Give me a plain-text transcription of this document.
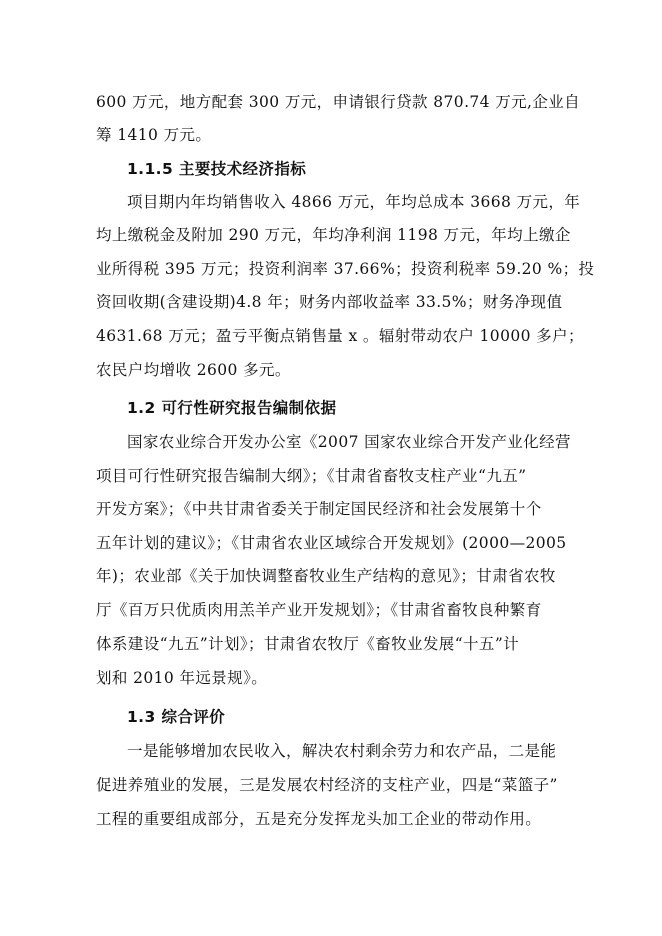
600 万元，地方配套 300 万元，申请银行贷款 870.74 万元,企业自
筹 1410 万元。
1.1.5 主要技术经济指标
项目期内年均销售收入 4866 万元，年均总成本 3668 万元，年
均上缴税金及附加 290 万元，年均净利润 1198 万元，年均上缴企
业所得税 395 万元；投资利润率 37.66%；投资利税率 59.20 %；投
资回收期(含建设期)4.8 年；财务内部收益率 33.5%；财务净现值
4631.68 万元；盈亏平衡点销售量 x 。辐射带动农户 10000 多户；
农民户均增收 2600 多元。
1.2 可行性研究报告编制依据
国家农业综合开发办公室《2007 国家农业综合开发产业化经营
项目可行性研究报告编制大纲》；《甘肃省畜牧支柱产业“九五”
开发方案》；《中共甘肃省委关于制定国民经济和社会发展第十个
五年计划的建议》；《甘肃省农业区域综合开发规划》(2000—2005
年)；农业部《关于加快调整畜牧业生产结构的意见》；甘肃省农牧
厅《百万只优质肉用羔羊产业开发规划》；《甘肃省畜牧良种繁育
体系建设“九五”计划》；甘肃省农牧厅《畜牧业发展“十五”计
划和 2010 年远景规》。
1.3 综合评价
一是能够增加农民收入，解决农村剩余劳力和农产品，二是能
促进养殖业的发展，三是发展农村经济的支柱产业，四是“菜篮子”
工程的重要组成部分，五是充分发挥龙头加工企业的带动作用。
